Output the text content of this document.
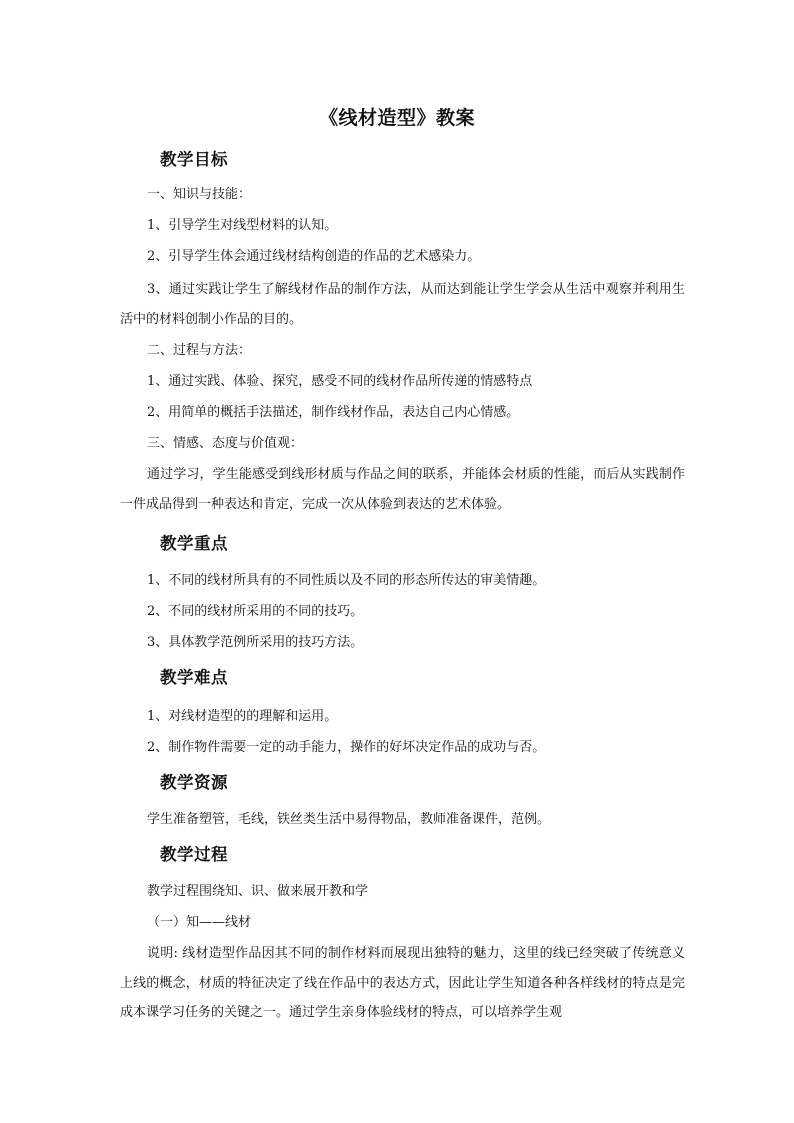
《线材造型》教案
教学目标
一、知识与技能：
1、引导学生对线型材料的认知。
2、引导学生体会通过线材结构创造的作品的艺术感染力。
3、通过实践让学生了解线材作品的制作方法，从而达到能让学生学会从生活中观察并利用生活中的材料创制小作品的目的。
二、过程与方法：
1、通过实践、体验、探究，感受不同的线材作品所传递的情感特点
2、用简单的概括手法描述，制作线材作品，表达自己内心情感。
三、情感、态度与价值观：
通过学习，学生能感受到线形材质与作品之间的联系，并能体会材质的性能，而后从实践制作一件成品得到一种表达和肯定，完成一次从体验到表达的艺术体验。
教学重点
1、不同的线材所具有的不同性质以及不同的形态所传达的审美情趣。
2、不同的线材所采用的不同的技巧。
3、具体教学范例所采用的技巧方法。
教学难点
1、对线材造型的的理解和运用。
2、制作物件需要一定的动手能力，操作的好坏决定作品的成功与否。
教学资源
学生准备塑管，毛线，铁丝类生活中易得物品，教师准备课件，范例。
教学过程
教学过程围绕知、识、做来展开教和学
（一）知——线材
说明: 线材造型作品因其不同的制作材料而展现出独特的魅力，这里的线已经突破了传统意义上线的概念，材质的特征决定了线在作品中的表达方式，因此让学生知道各种各样线材的特点是完成本课学习任务的关键之一。通过学生亲身体验线材的特点，可以培养学生观
